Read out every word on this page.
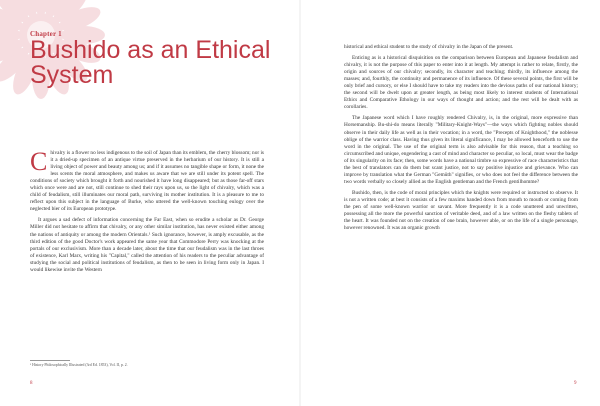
Chapter 1
Bushido as an Ethical System

Chivalry is a flower no less indigenous to the soil of Japan than its emblem, the cherry blossom; nor is it a dried-up specimen of an antique virtue preserved in the herbarium of our history. It is still a living object of power and beauty among us; and if it assumes no tangible shape or form, it none the less scents the moral atmosphere, and makes us aware that we are still under its potent spell. The conditions of society which brought it forth and nourished it have long disappeared; but as those far-off stars which once were and are not, still continue to shed their rays upon us, so the light of chivalry, which was a child of feudalism, still illuminates our moral path, surviving its mother institution. It is a pleasure to me to reflect upon this subject in the language of Burke, who uttered the well-known touching eulogy over the neglected bier of its European prototype.

It argues a sad defect of information concerning the Far East, when so erudite a scholar as Dr. George Miller did not hesitate to affirm that chivalry, or any other similar institution, has never existed either among the nations of antiquity or among the modern Orientals.¹ Such ignorance, however, is amply excusable, as the third edition of the good Doctor's work appeared the same year that Commodore Perry was knocking at the portals of our exclusivism. More than a decade later, about the time that our feudalism was in the last throes of existence, Karl Marx, writing his "Capital," called the attention of his readers to the peculiar advantage of studying the social and political institutions of feudalism, as then to be seen in living form only in Japan. I would likewise invite the Western

¹ History Philosophically Illustrated (3rd Ed. 1853), Vol. II, p. 2.
8

historical and ethical student to the study of chivalry in the Japan of the present.

Enticing as is a historical disquisition on the comparison between European and Japanese feudalism and chivalry, it is not the purpose of this paper to enter into it at length. My attempt is rather to relate, firstly, the origin and sources of our chivalry; secondly, its character and teaching; thirdly, its influence among the masses; and, fourthly, the continuity and permanence of its influence. Of these several points, the first will be only brief and cursory, or else I should have to take my readers into the devious paths of our national history; the second will be dwelt upon at greater length, as being most likely to interest students of International Ethics and Comparative Ethology in our ways of thought and action; and the rest will be dealt with as corollaries.

The Japanese word which I have roughly rendered Chivalry, is, in the original, more expressive than Horsemanship. Bu-shi-do means literally "Military-Knight-Ways"—the ways which fighting nobles should observe in their daily life as well as in their vocation; in a word, the "Precepts of Knighthood," the noblesse oblige of the warrior class. Having thus given its literal significance, I may be allowed henceforth to use the word in the original. The use of the original term is also advisable for this reason, that a teaching so circumscribed and unique, engendering a cast of mind and character so peculiar, so local, must wear the badge of its singularity on its face; then, some words have a national timbre so expressive of race characteristics that the best of translators can do them but scant justice, not to say positive injustice and grievance. Who can improve by translation what the German "Gemüth" signifies, or who does not feel the difference between the two words verbally so closely allied as the English gentleman and the French gentilhomme?

Bushido, then, is the code of moral principles which the knights were required or instructed to observe. It is not a written code; at best it consists of a few maxims handed down from mouth to mouth or coming from the pen of some well-known warrior or savant. More frequently it is a code unuttered and unwritten, possessing all the more the powerful sanction of veritable deed, and of a law written on the fleshy tablets of the heart. It was founded not on the creation of one brain, however able, or on the life of a single personage, however renowned. It was an organic growth

9
